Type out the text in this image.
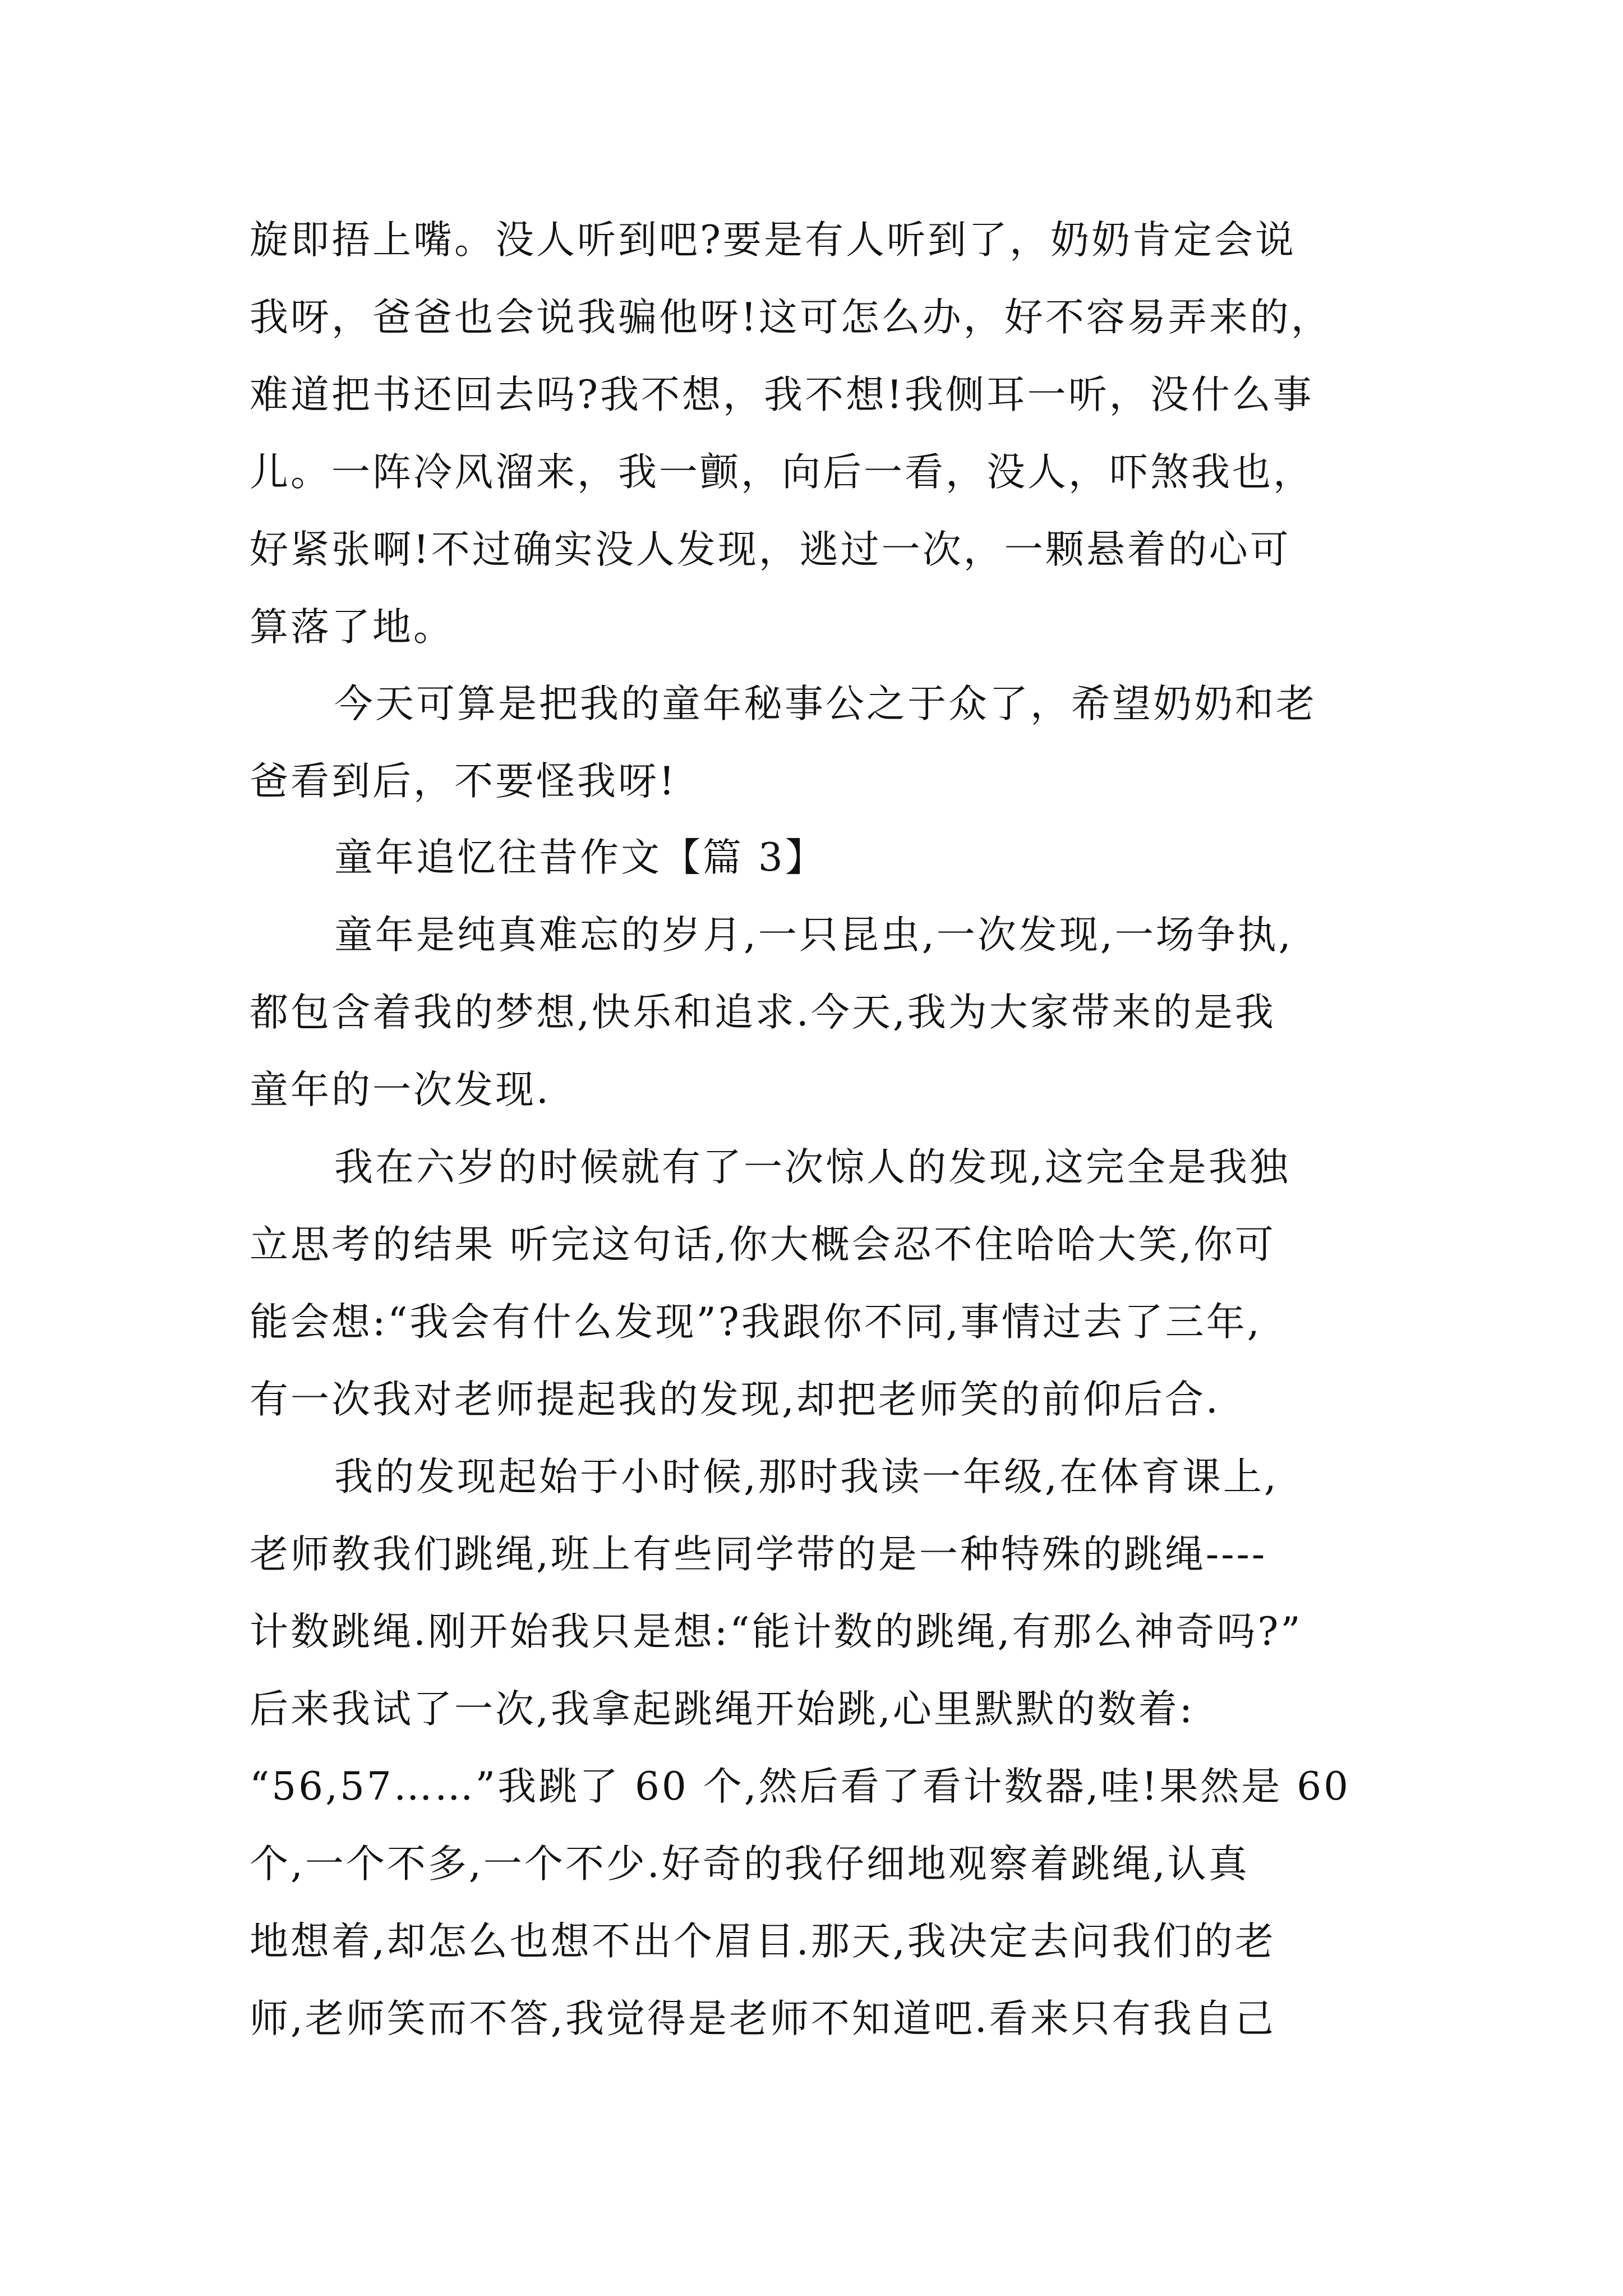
旋即捂上嘴。没人听到吧?要是有人听到了，奶奶肯定会说
我呀，爸爸也会说我骗他呀!这可怎么办，好不容易弄来的，
难道把书还回去吗?我不想，我不想!我侧耳一听，没什么事
儿。一阵冷风溜来，我一颤，向后一看，没人，吓煞我也，
好紧张啊!不过确实没人发现，逃过一次，一颗悬着的心可
算落了地。
今天可算是把我的童年秘事公之于众了，希望奶奶和老
爸看到后，不要怪我呀!
童年追忆往昔作文【篇 3】
童年是纯真难忘的岁月,一只昆虫,一次发现,一场争执,
都包含着我的梦想,快乐和追求.今天,我为大家带来的是我
童年的一次发现.
我在六岁的时候就有了一次惊人的发现,这完全是我独
立思考的结果 听完这句话,你大概会忍不住哈哈大笑,你可
能会想:“我会有什么发现”?我跟你不同,事情过去了三年,
有一次我对老师提起我的发现,却把老师笑的前仰后合.
我的发现起始于小时候,那时我读一年级,在体育课上,
老师教我们跳绳,班上有些同学带的是一种特殊的跳绳----
计数跳绳.刚开始我只是想:“能计数的跳绳,有那么神奇吗?”
后来我试了一次,我拿起跳绳开始跳,心里默默的数着:
“56,57……”我跳了 60 个,然后看了看计数器,哇!果然是 60
个,一个不多,一个不少.好奇的我仔细地观察着跳绳,认真
地想着,却怎么也想不出个眉目.那天,我决定去问我们的老
师,老师笑而不答,我觉得是老师不知道吧.看来只有我自己
